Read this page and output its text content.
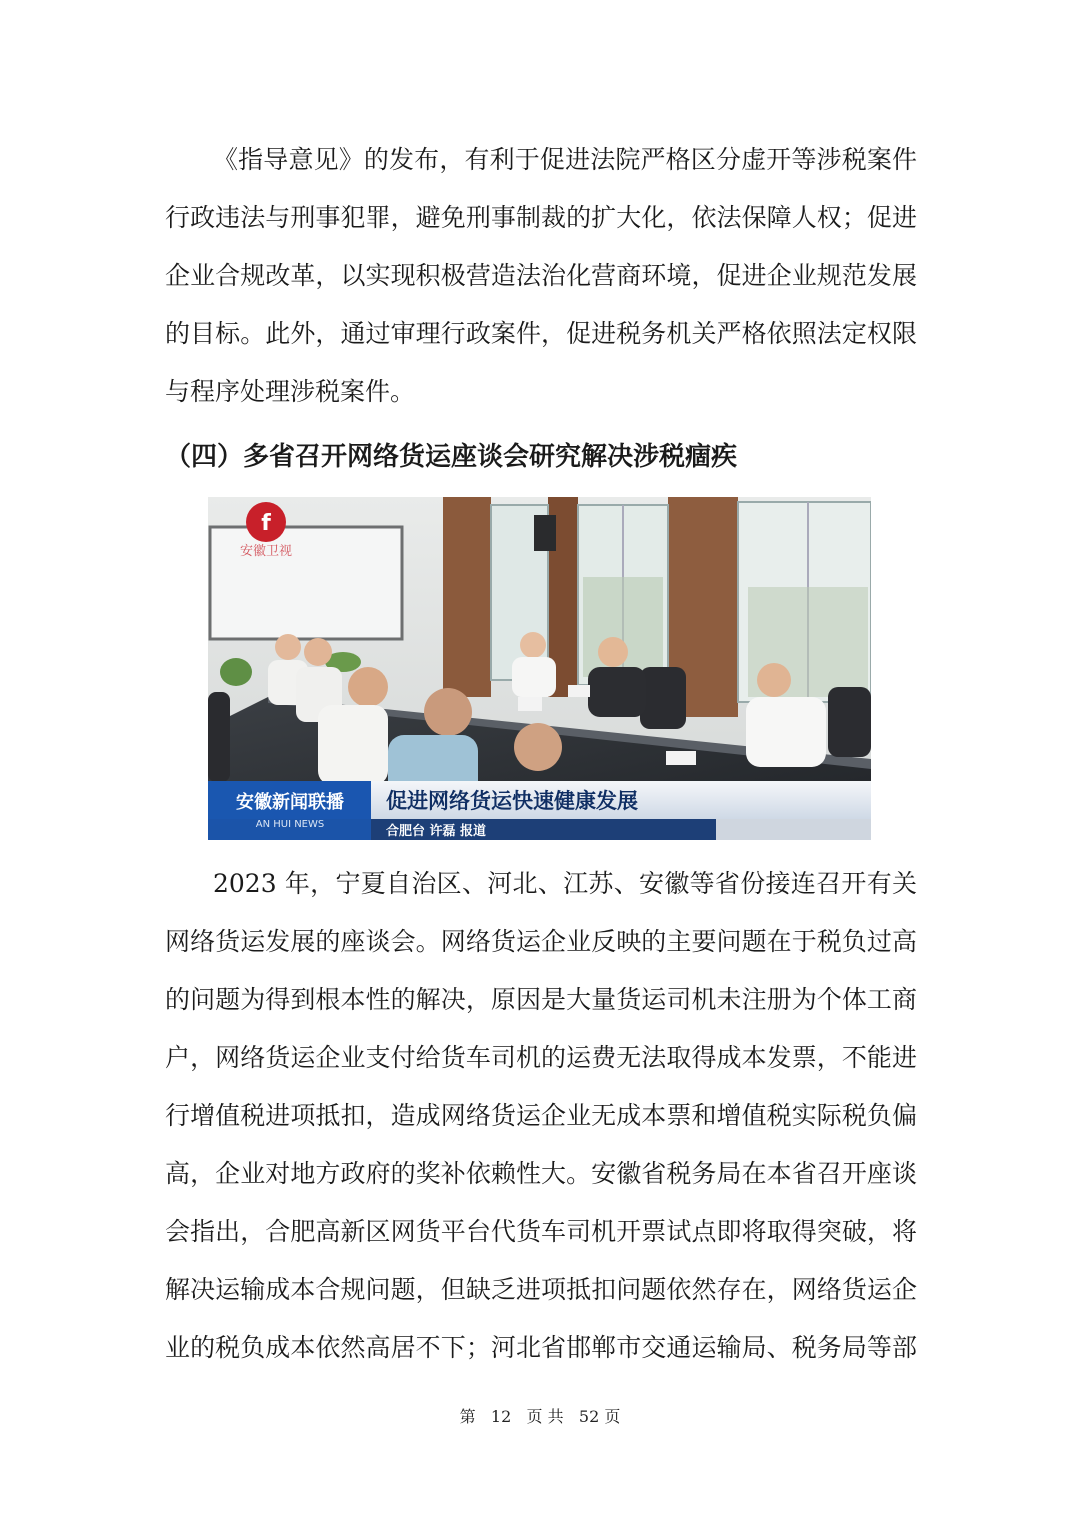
《指导意见》的发布，有利于促进法院严格区分虚开等涉税案件
行政违法与刑事犯罪，避免刑事制裁的扩大化，依法保障人权；促进
企业合规改革，以实现积极营造法治化营商环境，促进企业规范发展
的目标。此外，通过审理行政案件，促进税务机关严格依照法定权限
与程序处理涉税案件。
（四）多省召开网络货运座谈会研究解决涉税痼疾
f
安徽卫视
安徽新闻联播
AN HUI NEWS
促进网络货运快速健康发展
合肥台 许磊 报道
2023 年，宁夏自治区、河北、江苏、安徽等省份接连召开有关
网络货运发展的座谈会。网络货运企业反映的主要问题在于税负过高
的问题为得到根本性的解决，原因是大量货运司机未注册为个体工商
户，网络货运企业支付给货车司机的运费无法取得成本发票，不能进
行增值税进项抵扣，造成网络货运企业无成本票和增值税实际税负偏
高，企业对地方政府的奖补依赖性大。安徽省税务局在本省召开座谈
会指出，合肥高新区网货平台代货车司机开票试点即将取得突破，将
解决运输成本合规问题，但缺乏进项抵扣问题依然存在，网络货运企
业的税负成本依然高居不下；河北省邯郸市交通运输局、税务局等部
第 12 页 共 52 页
